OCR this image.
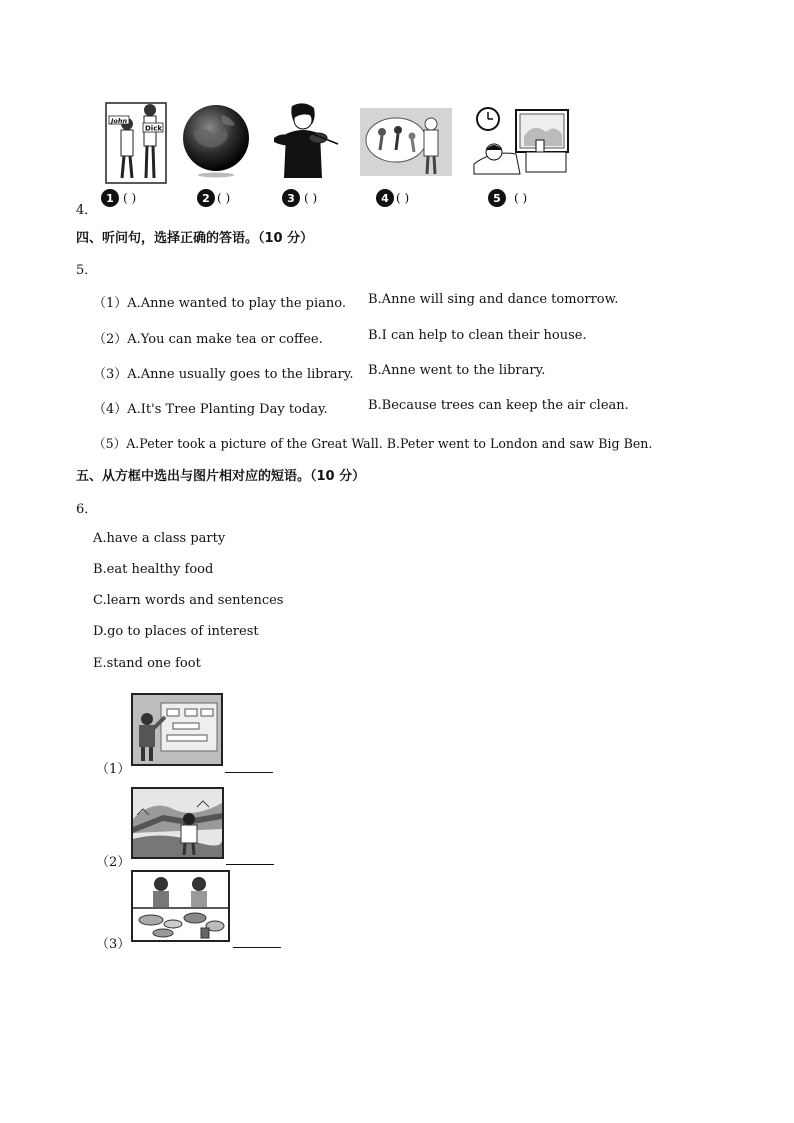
4．
John
Dick
1 ( )	2 ( )	3 ( )	4 ( )	5	( )
四、听问句，选择正确的答语。（10 分）
5．
（1）A.Anne wanted to play the piano. B.Anne will sing and dance tomorrow.
（2）A.You can make tea or coffee.	B.I can help to clean their house.
（3）A.Anne usually goes to the library. B.Anne went to the library.
（4）A.It's Tree Planting Day today.	B.Because trees can keep the air clean.
（5）A.Peter took a picture of the Great Wall. B.Peter went to London and saw Big Ben.
五、从方框中选出与图片相对应的短语。（10 分）
6．
A.have a class party
B.eat healthy food
C.learn words and sentences
D.go to places of interest
E.stand one foot
（1）
（2）
（3）
